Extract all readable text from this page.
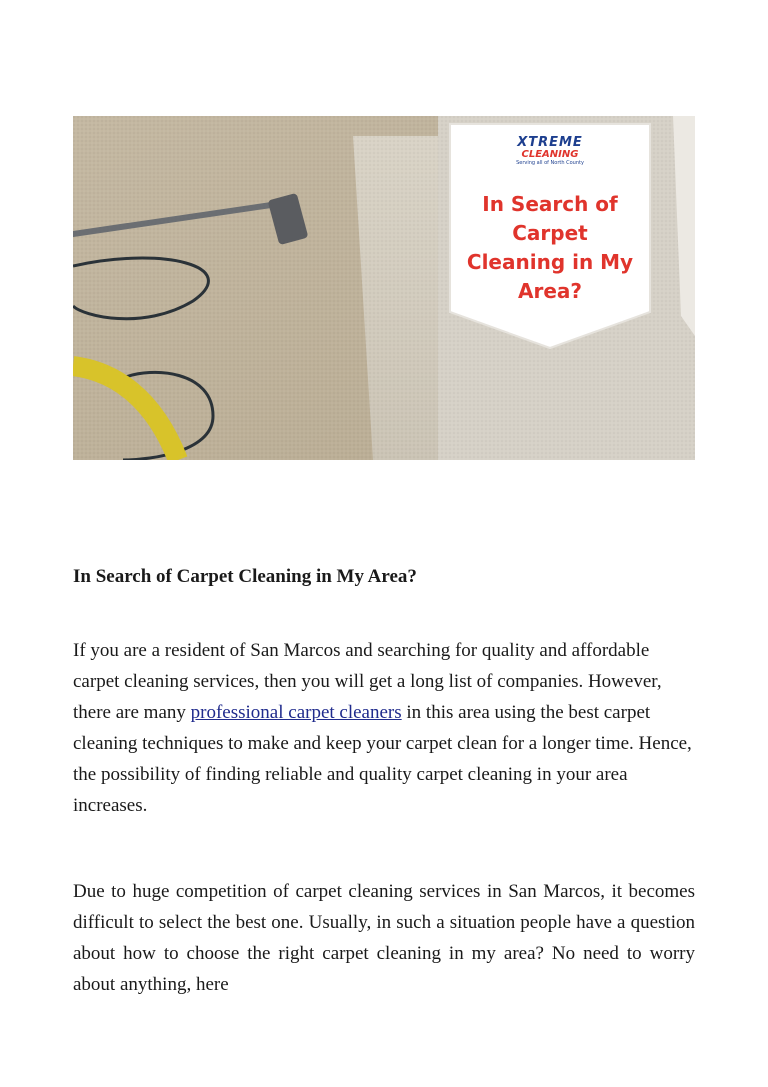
XTREME
CLEANING
Serving all of North County
In Search of
Carpet
Cleaning in My
Area?
In Search of Carpet Cleaning in My Area?

If you are a resident of San Marcos and searching for quality and affordable carpet cleaning services, then you will get a long list of companies. However, there are many professional carpet cleaners in this area using the best carpet cleaning techniques to make and keep your carpet clean for a longer time. Hence, the possibility of finding reliable and quality carpet cleaning in your area increases.

Due to huge competition of carpet cleaning services in San Marcos, it becomes difficult to select the best one. Usually, in such a situation people have a question about how to choose the right carpet cleaning in my area? No need to worry about anything, here
